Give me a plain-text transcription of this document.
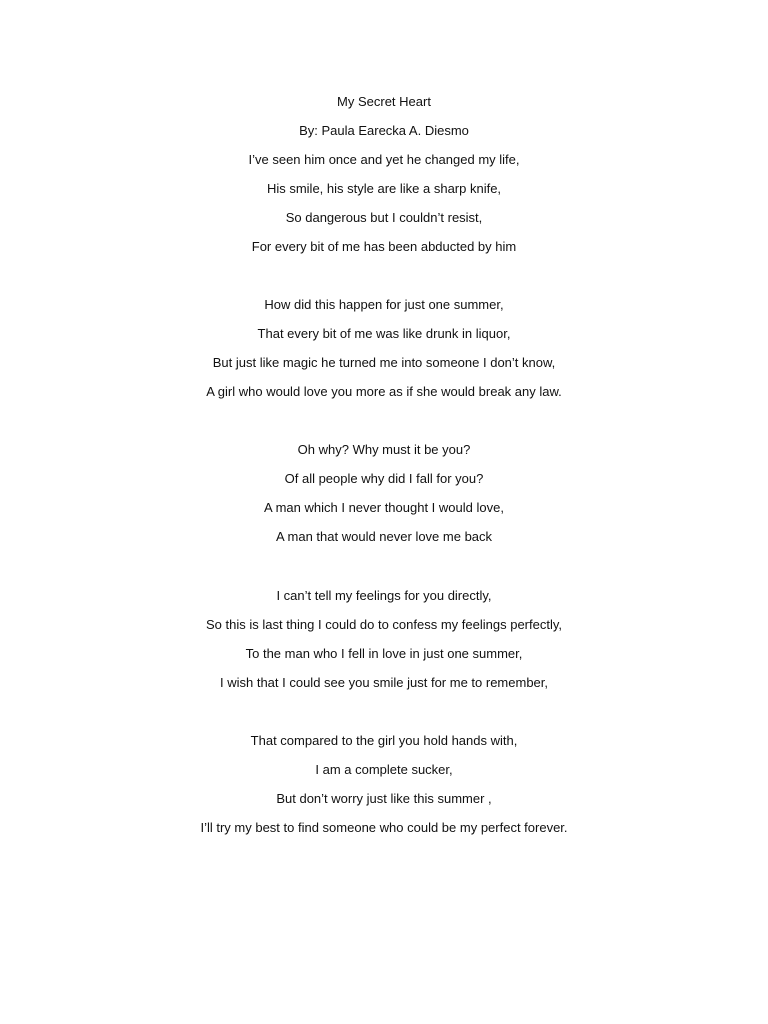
My Secret Heart
By: Paula Earecka A. Diesmo
I’ve seen him once and yet he changed my life,
His smile, his style are like a sharp knife,
So dangerous but I couldn’t resist,
For every bit of me has been abducted by him
How did this happen for just one summer,
That every bit of me was like drunk in liquor,
But just like magic he turned me into someone I don’t know,
A girl who would love you more as if she would break any law.
Oh why? Why must it be you?
Of all people why did I fall for you?
A man which I never thought I would love,
A man that would never love me back
I can’t tell my feelings for you directly,
So this is last thing I could do to confess my feelings perfectly,
To the man who I fell in love in just one summer,
I wish that I could see you smile just for me to remember,
That compared to the girl you hold hands with,
I am a complete sucker,
But don’t worry just like this summer ,
I’ll try my best to find someone who could be my perfect forever.
